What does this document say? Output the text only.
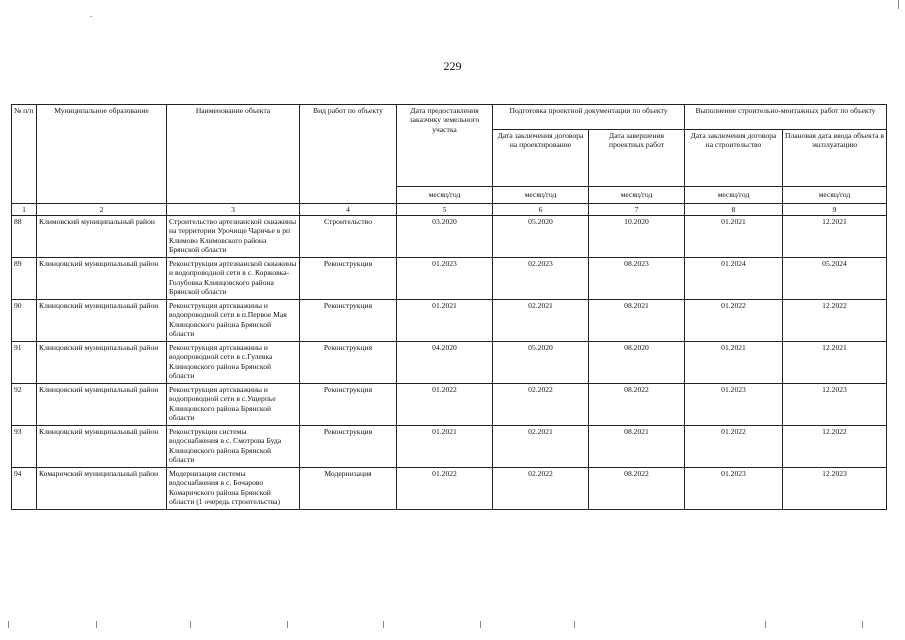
229
№ п/п	Муниципальное образование	Наименование объекта	Вид работ по объекту	Дата предоставления заказчику земельного участка	Подготовка проектной документации по объекту		Выполнение строительно-монтажных работ по объекту	
					Дата заключения договора на проектирование	Дата завершения проектных работ	Дата заключения договора на строительство	Плановая дата ввода объекта в эксплуатацию
				месяц/год	месяц/год	месяц/год	месяц/год	месяц/год
1	2	3	4	5	6	7	8	9
88	Климовский муниципальный район	Строительство артезианской скважины на территории Урочище Чарячье в рп Климово Климовского района Брянской области	Строительство	03.2020	05.2020	10.2020	01.2021	12.2021
89	Клинцовский муниципальный район	Реконструкция артезианской скважины и водопроводной сети в с. Коржовка-Голубовка Клинцовского района Брянской области	Реконструкция	01.2023	02.2023	08.2023	01.2024	05.2024
90	Клинцовский муниципальный район	Реконструкция артскважины и водопроводной сети в п.Первое Мая Клинцовского района Брянской области	Реконструкция	01.2021	02.2021	08.2021	01.2022	12.2022
91	Клинцовский муниципальный район	Реконструкция артскважины и водопроводной сети в с.Гулевка Клинцовского района Брянской области	Реконструкция	04.2020	05.2020	08.2020	01.2021	12.2021
92	Клинцовский муниципальный район	Реконструкция артскважины и водопроводной сети в с.Ущерпье Клинцовского района Брянской области	Реконструкция	01.2022	02.2022	08.2022	01.2023	12.2023
93	Клинцовский муниципальный район	Реконструкция системы водоснабжения в с. Смотрова Буда Клинцовского района Брянской области	Реконструкция	01.2021	02.2021	08.2021	01.2022	12.2022
94	Комаричский муниципальный район	Модернизация системы водоснабжения в с. Бочарово Комаричского района Брянской области (1 очередь строительства)	Модернизация	01.2022	02.2022	08.2022	01.2023	12.2023
